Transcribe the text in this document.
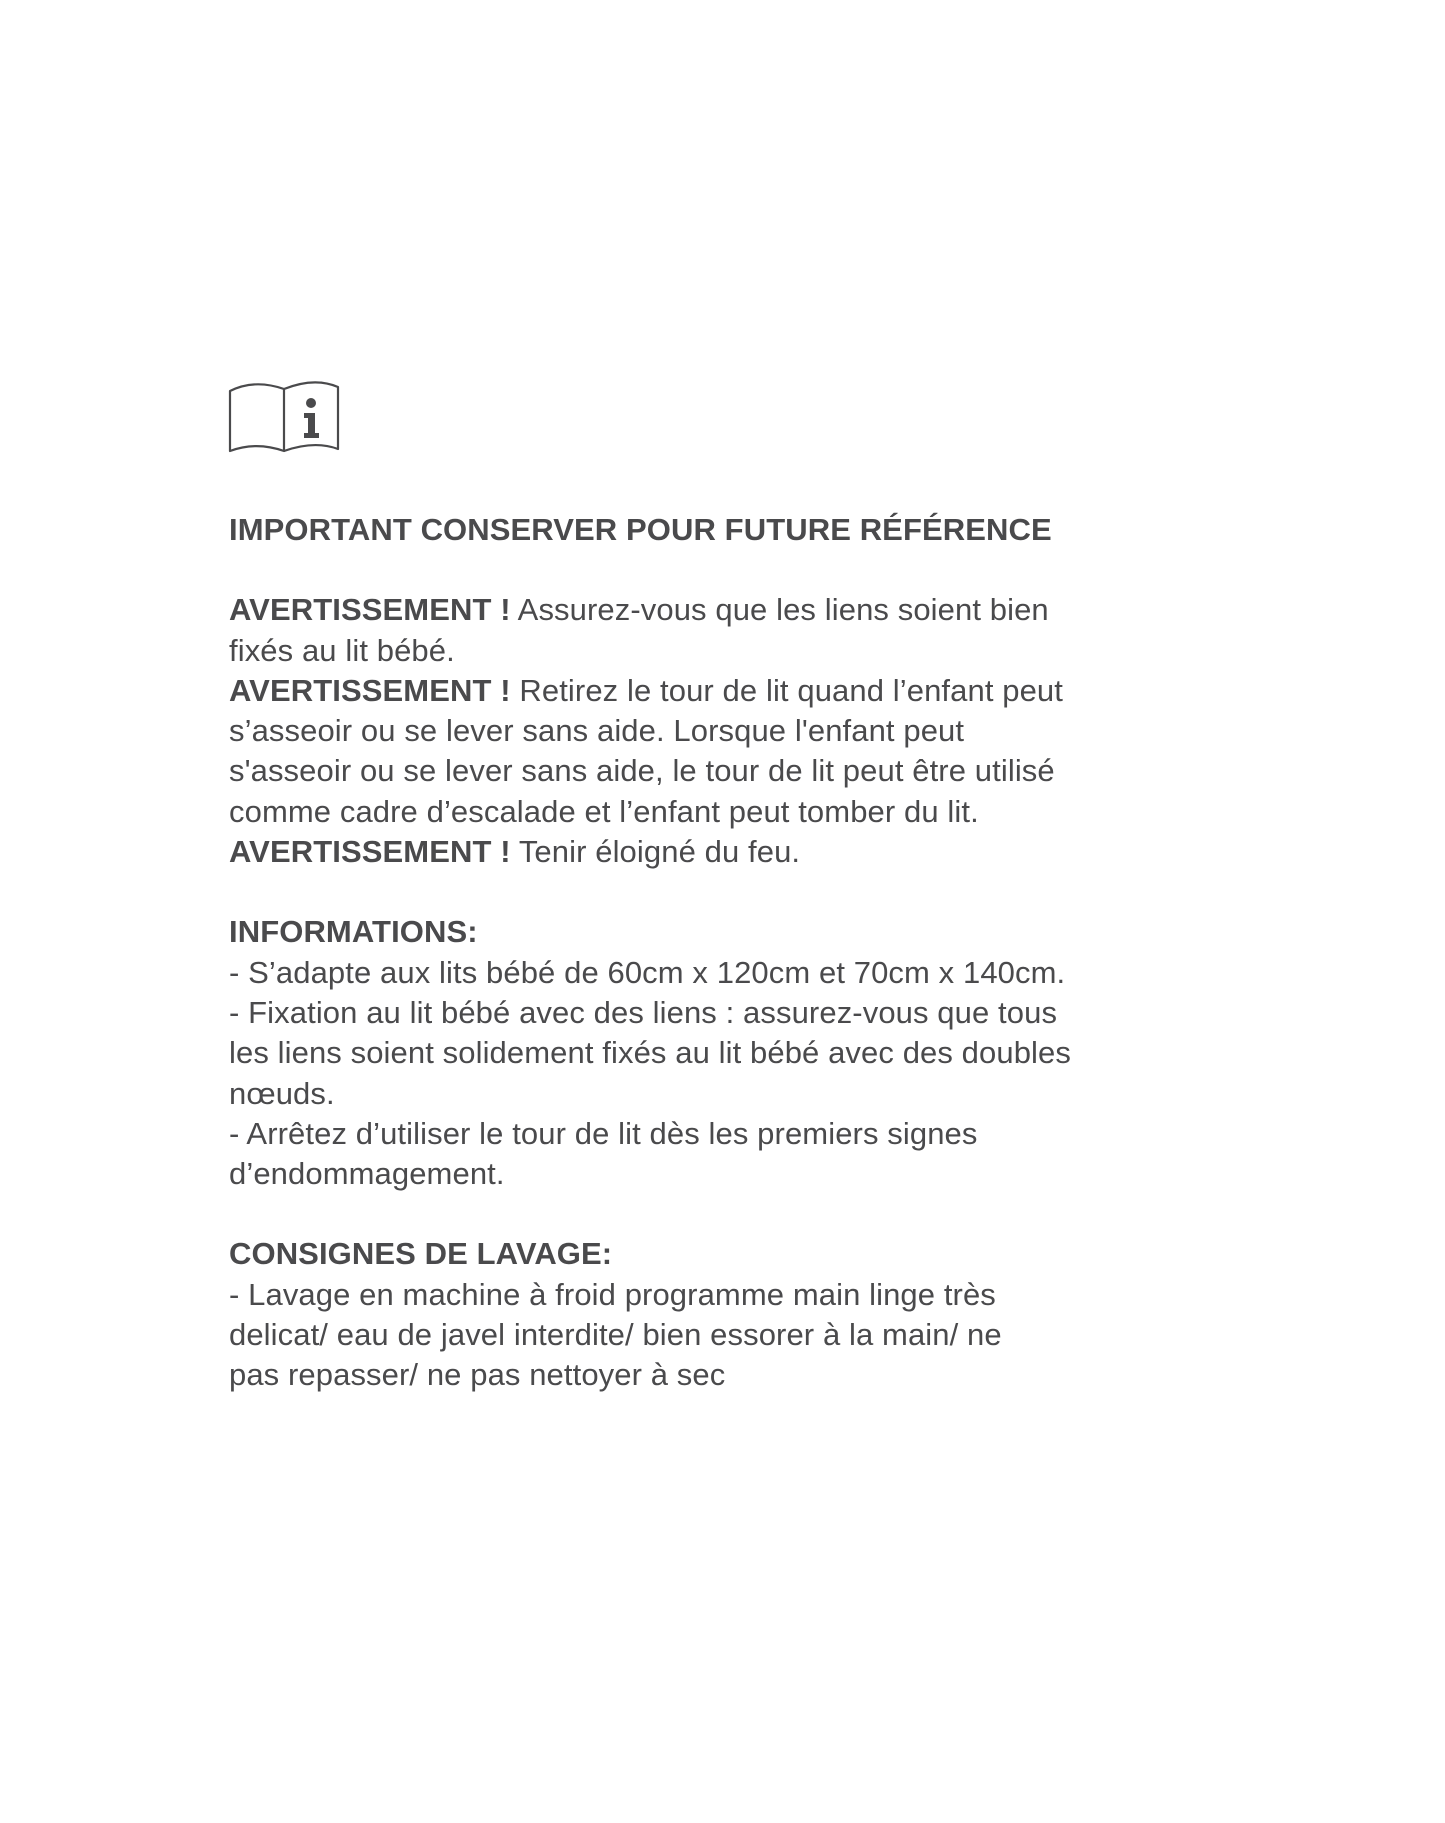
IMPORTANT CONSERVER POUR FUTURE RÉFÉRENCE

AVERTISSEMENT ! Assurez-vous que les liens soient bien
fixés au lit bébé.
AVERTISSEMENT ! Retirez le tour de lit quand l’enfant peut
s’asseoir ou se lever sans aide. Lorsque l'enfant peut
s'asseoir ou se lever sans aide, le tour de lit peut être utilisé
comme cadre d’escalade et l’enfant peut tomber du lit.
AVERTISSEMENT ! Tenir éloigné du feu.
INFORMATIONS:
- S’adapte aux lits bébé de 60cm x 120cm et 70cm x 140cm.
- Fixation au lit bébé avec des liens : assurez-vous que tous
les liens soient solidement fixés au lit bébé avec des doubles
nœuds.
- Arrêtez d’utiliser le tour de lit dès les premiers signes
d’endommagement.
CONSIGNES DE LAVAGE:
- Lavage en machine à froid programme main linge très
delicat/ eau de javel interdite/ bien essorer à la main/ ne
pas repasser/ ne pas nettoyer à sec
